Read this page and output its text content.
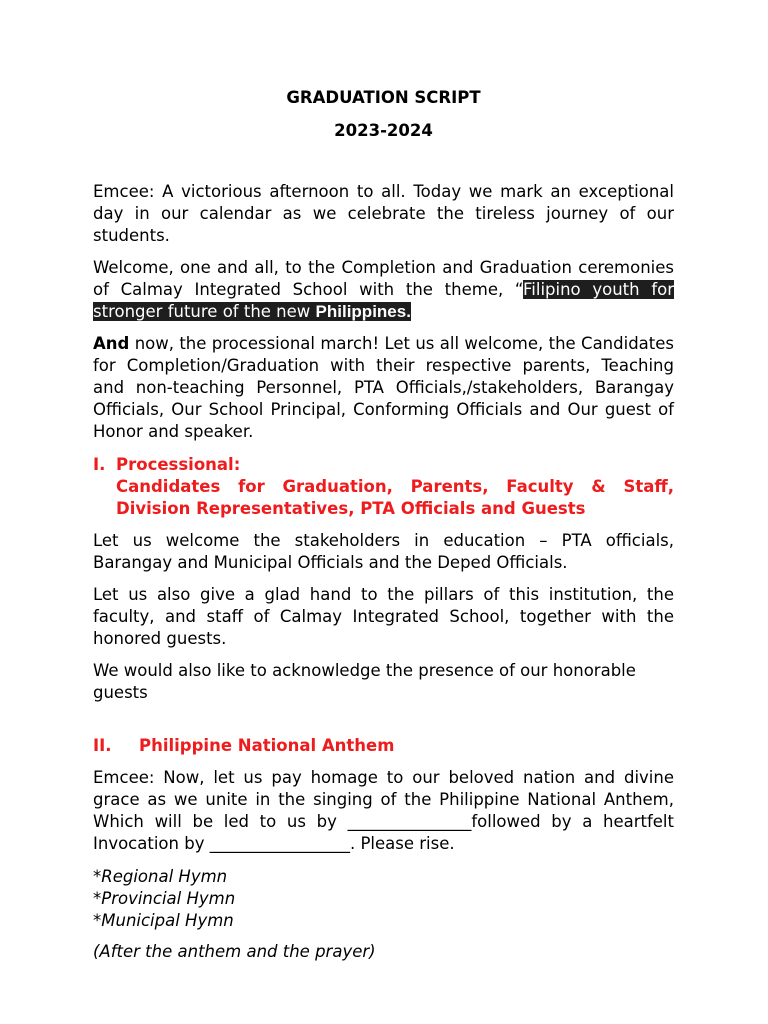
GRADUATION SCRIPT

2023-2024

Emcee: A victorious afternoon to all. Today we mark an exceptional day in our calendar as we celebrate the tireless journey of our students.

Welcome, one and all, to the Completion and Graduation ceremonies of Calmay Integrated School with the theme, “Filipino youth for stronger future of the new Philippines.

And now, the processional march! Let us all welcome, the Candidates for Completion/Graduation with their respective parents, Teaching and non-teaching Personnel, PTA Officials,/stakeholders, Barangay Officials, Our School Principal, Conforming Officials and Our guest of Honor and speaker.

I. Processional:

Candidates for Graduation, Parents, Faculty & Staff, Division Representatives, PTA Officials and Guests

Let us welcome the stakeholders in education – PTA officials, Barangay and Municipal Officials and the Deped Officials.

Let us also give a glad hand to the pillars of this institution, the faculty, and staff of Calmay Integrated School, together with the honored guests.

We would also like to acknowledge the presence of our honorable guests

II. Philippine National Anthem

Emcee: Now, let us pay homage to our beloved nation and divine grace as we unite in the singing of the Philippine National Anthem, Which will be led to us by _______________followed by a heartfelt Invocation by _________________. Please rise.

*Regional Hymn

*Provincial Hymn

*Municipal Hymn

(After the anthem and the prayer)
